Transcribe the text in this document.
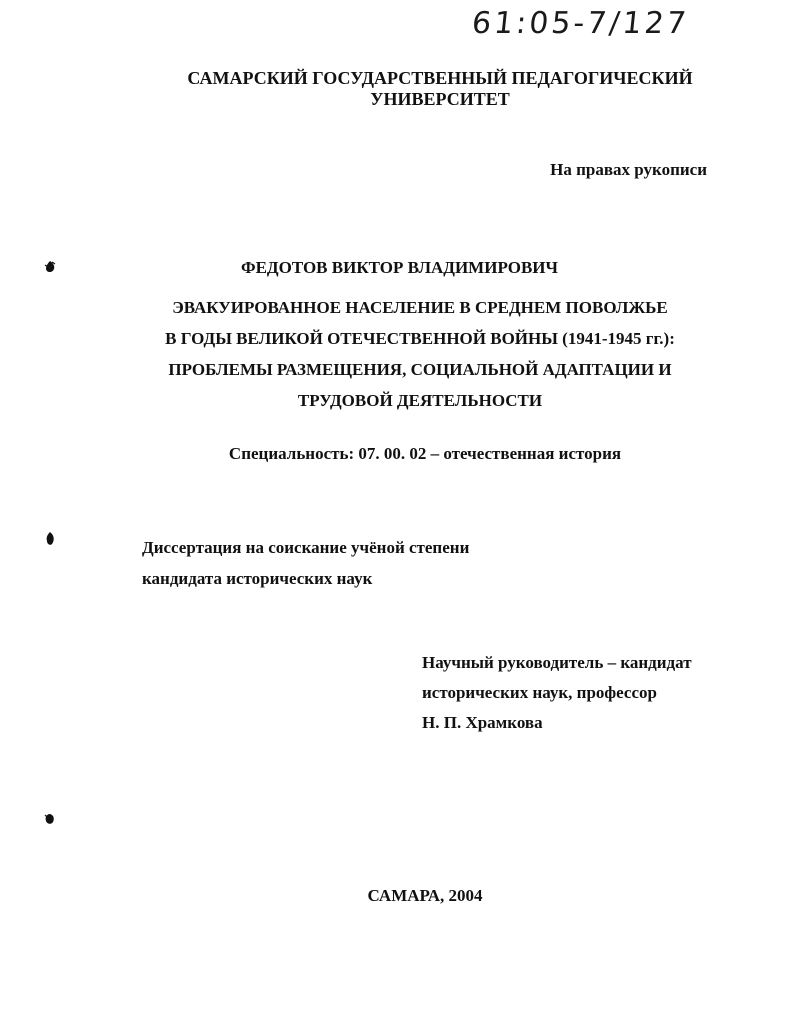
61:05-7/127
САМАРСКИЙ ГОСУДАРСТВЕННЫЙ ПЕДАГОГИЧЕСКИЙ
УНИВЕРСИТЕТ
На правах рукописи
ФЕДОТОВ ВИКТОР ВЛАДИМИРОВИЧ
ЭВАКУИРОВАННОЕ НАСЕЛЕНИЕ В СРЕДНЕМ ПОВОЛЖЬЕ
В ГОДЫ ВЕЛИКОЙ ОТЕЧЕСТВЕННОЙ ВОЙНЫ (1941-1945 гг.):
ПРОБЛЕМЫ РАЗМЕЩЕНИЯ, СОЦИАЛЬНОЙ АДАПТАЦИИ И
ТРУДОВОЙ ДЕЯТЕЛЬНОСТИ
Специальность: 07. 00. 02 – отечественная история
Диссертация на соискание учёной степени
кандидата исторических наук
Научный руководитель – кандидат
исторических наук, профессор
Н. П. Храмкова
САМАРА, 2004
